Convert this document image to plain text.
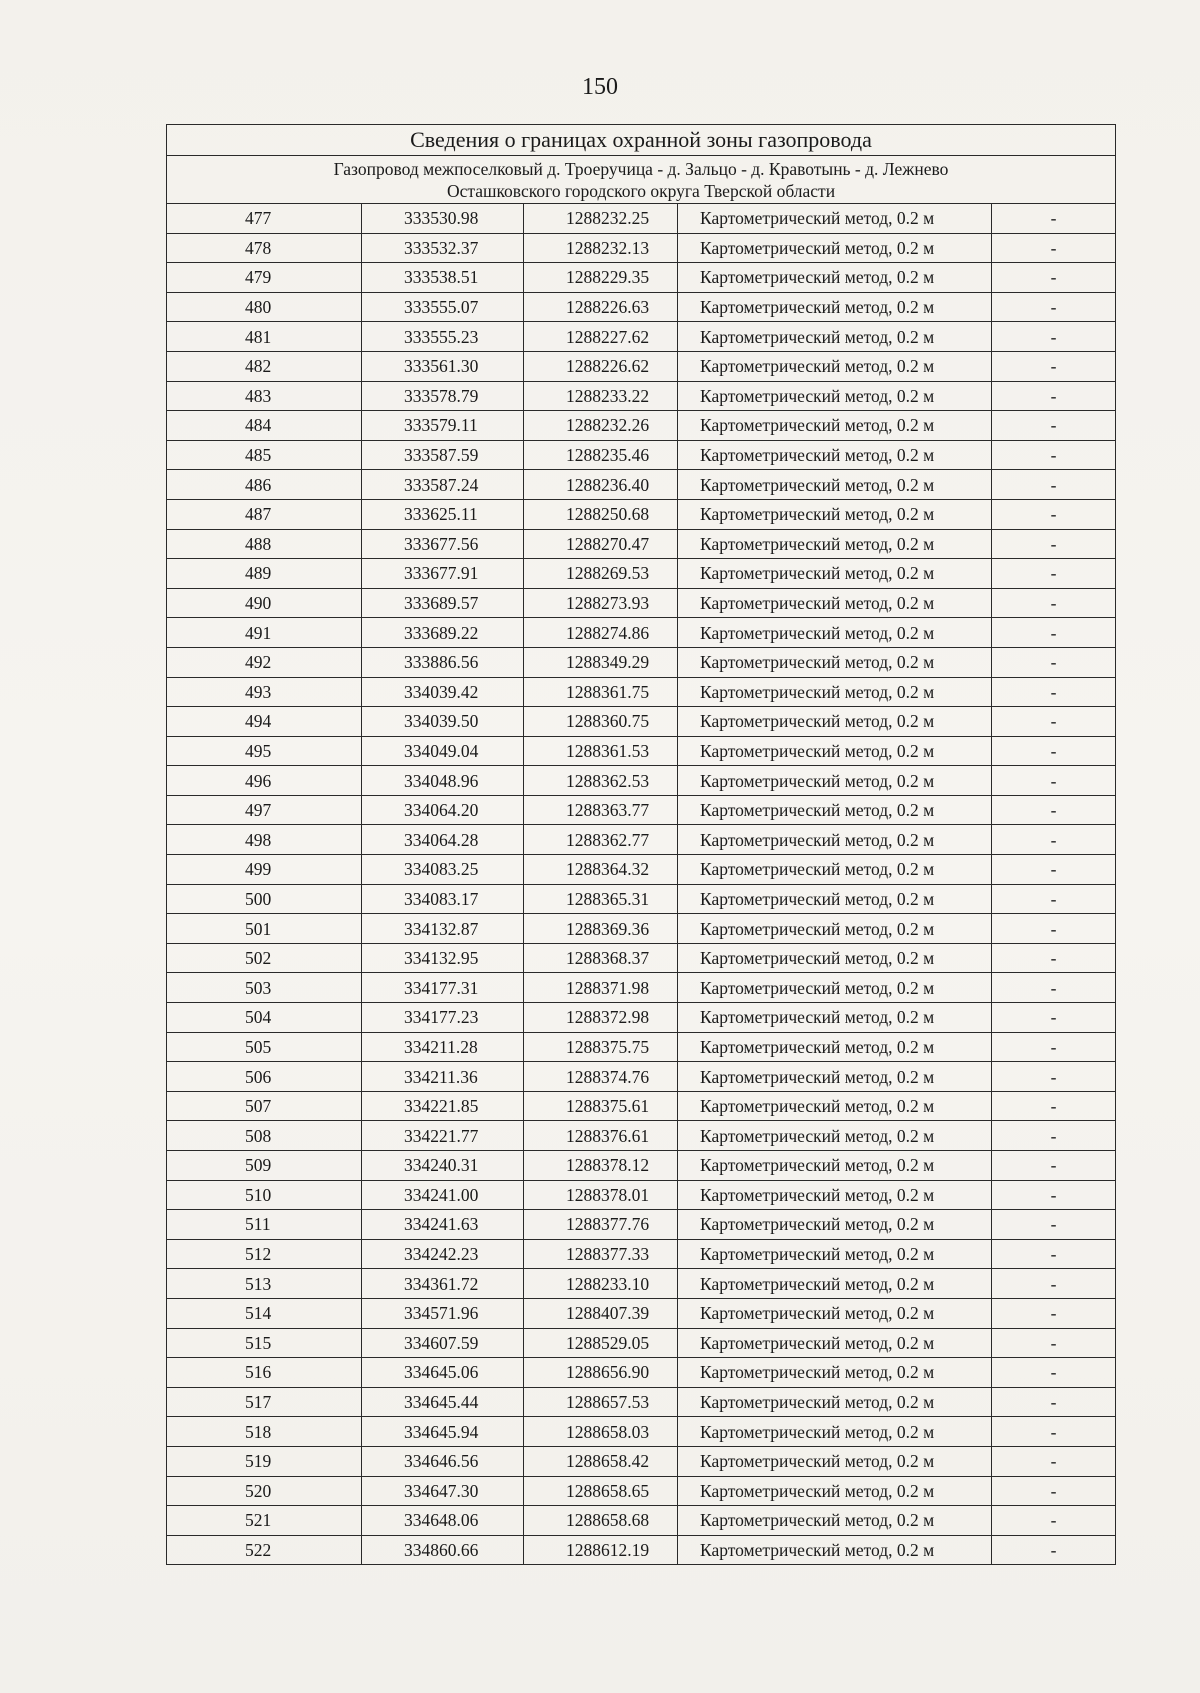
150
Сведения о границах охранной зоны газопровода				

Газопровод межпоселковый д. Троеручица - д. Зальцо - д. Кравотынь - д. Лежнево
Осташковского городского округа Тверской области				

477	333530.98	1288232.25	Картометрический метод, 0.2 м	-
478	333532.37	1288232.13	Картометрический метод, 0.2 м	-
479	333538.51	1288229.35	Картометрический метод, 0.2 м	-
480	333555.07	1288226.63	Картометрический метод, 0.2 м	-
481	333555.23	1288227.62	Картометрический метод, 0.2 м	-
482	333561.30	1288226.62	Картометрический метод, 0.2 м	-
483	333578.79	1288233.22	Картометрический метод, 0.2 м	-
484	333579.11	1288232.26	Картометрический метод, 0.2 м	-
485	333587.59	1288235.46	Картометрический метод, 0.2 м	-
486	333587.24	1288236.40	Картометрический метод, 0.2 м	-
487	333625.11	1288250.68	Картометрический метод, 0.2 м	-
488	333677.56	1288270.47	Картометрический метод, 0.2 м	-
489	333677.91	1288269.53	Картометрический метод, 0.2 м	-
490	333689.57	1288273.93	Картометрический метод, 0.2 м	-
491	333689.22	1288274.86	Картометрический метод, 0.2 м	-
492	333886.56	1288349.29	Картометрический метод, 0.2 м	-
493	334039.42	1288361.75	Картометрический метод, 0.2 м	-
494	334039.50	1288360.75	Картометрический метод, 0.2 м	-
495	334049.04	1288361.53	Картометрический метод, 0.2 м	-
496	334048.96	1288362.53	Картометрический метод, 0.2 м	-
497	334064.20	1288363.77	Картометрический метод, 0.2 м	-
498	334064.28	1288362.77	Картометрический метод, 0.2 м	-
499	334083.25	1288364.32	Картометрический метод, 0.2 м	-
500	334083.17	1288365.31	Картометрический метод, 0.2 м	-
501	334132.87	1288369.36	Картометрический метод, 0.2 м	-
502	334132.95	1288368.37	Картометрический метод, 0.2 м	-
503	334177.31	1288371.98	Картометрический метод, 0.2 м	-
504	334177.23	1288372.98	Картометрический метод, 0.2 м	-
505	334211.28	1288375.75	Картометрический метод, 0.2 м	-
506	334211.36	1288374.76	Картометрический метод, 0.2 м	-
507	334221.85	1288375.61	Картометрический метод, 0.2 м	-
508	334221.77	1288376.61	Картометрический метод, 0.2 м	-
509	334240.31	1288378.12	Картометрический метод, 0.2 м	-
510	334241.00	1288378.01	Картометрический метод, 0.2 м	-
511	334241.63	1288377.76	Картометрический метод, 0.2 м	-
512	334242.23	1288377.33	Картометрический метод, 0.2 м	-
513	334361.72	1288233.10	Картометрический метод, 0.2 м	-
514	334571.96	1288407.39	Картометрический метод, 0.2 м	-
515	334607.59	1288529.05	Картометрический метод, 0.2 м	-
516	334645.06	1288656.90	Картометрический метод, 0.2 м	-
517	334645.44	1288657.53	Картометрический метод, 0.2 м	-
518	334645.94	1288658.03	Картометрический метод, 0.2 м	-
519	334646.56	1288658.42	Картометрический метод, 0.2 м	-
520	334647.30	1288658.65	Картометрический метод, 0.2 м	-
521	334648.06	1288658.68	Картометрический метод, 0.2 м	-
522	334860.66	1288612.19	Картометрический метод, 0.2 м	-
